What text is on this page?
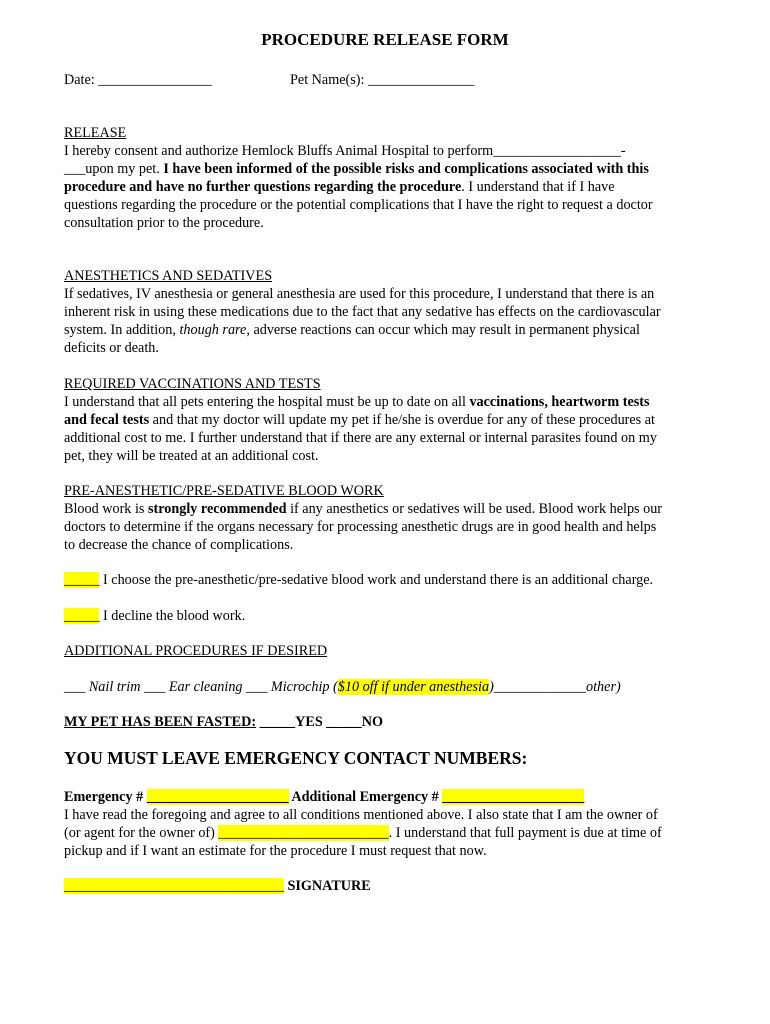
PROCEDURE RELEASE FORM
Date: ________________	Pet Name(s): _______________
RELEASE
I hereby consent and authorize Hemlock Bluffs Animal Hospital to perform__________________-
___upon my pet. I have been informed of the possible risks and complications associated with this
procedure and have no further questions regarding the procedure. I understand that if I have
questions regarding the procedure or the potential complications that I have the right to request a doctor
consultation prior to the procedure.
ANESTHETICS AND SEDATIVES
If sedatives, IV anesthesia or general anesthesia are used for this procedure, I understand that there is an
inherent risk in using these medications due to the fact that any sedative has effects on the cardiovascular
system. In addition, though rare, adverse reactions can occur which may result in permanent physical
deficits or death.
REQUIRED VACCINATIONS AND TESTS
I understand that all pets entering the hospital must be up to date on all vaccinations, heartworm tests
and fecal tests and that my doctor will update my pet if he/she is overdue for any of these procedures at
additional cost to me. I further understand that if there are any external or internal parasites found on my
pet, they will be treated at an additional cost.
PRE-ANESTHETIC/PRE-SEDATIVE BLOOD WORK
Blood work is strongly recommended if any anesthetics or sedatives will be used. Blood work helps our
doctors to determine if the organs necessary for processing anesthetic drugs are in good health and helps
to decrease the chance of complications.
_____ I choose the pre-anesthetic/pre-sedative blood work and understand there is an additional charge.
_____ I decline the blood work.
ADDITIONAL PROCEDURES IF DESIRED
___ Nail trim ___ Ear cleaning ___ Microchip ($10 off if under anesthesia)_____________other)
MY PET HAS BEEN FASTED: _____YES _____NO
YOU MUST LEAVE EMERGENCY CONTACT NUMBERS:
Emergency # ____________________ Additional Emergency # ____________________
I have read the foregoing and agree to all conditions mentioned above. I also state that I am the owner of
(or agent for the owner of) ________________________. I understand that full payment is due at time of
pickup and if I want an estimate for the procedure I must request that now.
_______________________________ SIGNATURE
